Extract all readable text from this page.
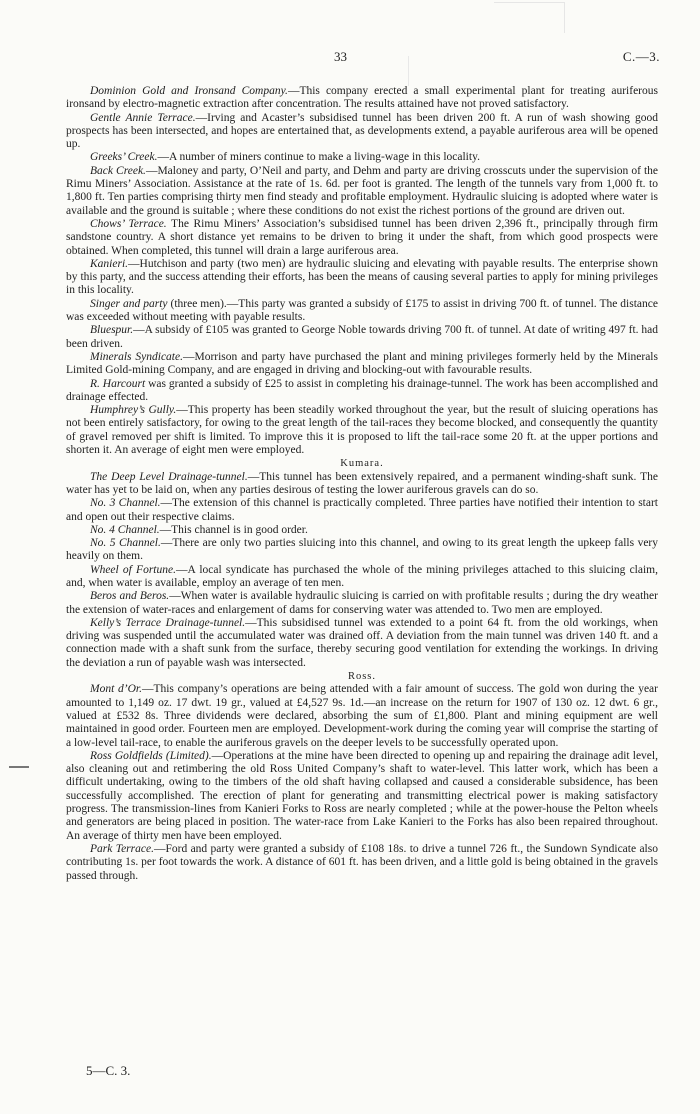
33	C.—3.

Dominion Gold and Ironsand Company.—This company erected a small experimental plant for treating auriferous ironsand by electro-magnetic extraction after concentration. The results attained have not proved satisfactory.

Gentle Annie Terrace.—Irving and Acaster’s subsidised tunnel has been driven 200 ft. A run of wash showing good prospects has been intersected, and hopes are entertained that, as developments extend, a payable auriferous area will be opened up.

Greeks’ Creek.—A number of miners continue to make a living-wage in this locality.

Back Creek.—Maloney and party, O’Neil and party, and Dehm and party are driving crosscuts under the supervision of the Rimu Miners’ Association. Assistance at the rate of 1s. 6d. per foot is granted. The length of the tunnels vary from 1,000 ft. to 1,800 ft. Ten parties comprising thirty men find steady and profitable employment. Hydraulic sluicing is adopted where water is available and the ground is suitable ; where these conditions do not exist the richest portions of the ground are driven out.

Chows’ Terrace. The Rimu Miners’ Association’s subsidised tunnel has been driven 2,396 ft., principally through firm sandstone country. A short distance yet remains to be driven to bring it under the shaft, from which good prospects were obtained. When completed, this tunnel will drain a large auriferous area.

Kanieri.—Hutchison and party (two men) are hydraulic sluicing and elevating with payable results. The enterprise shown by this party, and the success attending their efforts, has been the means of causing several parties to apply for mining privileges in this locality.

Singer and party (three men).—This party was granted a subsidy of £175 to assist in driving 700 ft. of tunnel. The distance was exceeded without meeting with payable results.

Bluespur.—A subsidy of £105 was granted to George Noble towards driving 700 ft. of tunnel. At date of writing 497 ft. had been driven.

Minerals Syndicate.—Morrison and party have purchased the plant and mining privileges formerly held by the Minerals Limited Gold-mining Company, and are engaged in driving and blocking-out with favourable results.

R. Harcourt was granted a subsidy of £25 to assist in completing his drainage-tunnel. The work has been accomplished and drainage effected.

Humphrey’s Gully.—This property has been steadily worked throughout the year, but the result of sluicing operations has not been entirely satisfactory, for owing to the great length of the tail-races they become blocked, and consequently the quantity of gravel removed per shift is limited. To improve this it is proposed to lift the tail-race some 20 ft. at the upper portions and shorten it. An average of eight men were employed.

Kumara.

The Deep Level Drainage-tunnel.—This tunnel has been extensively repaired, and a permanent winding-shaft sunk. The water has yet to be laid on, when any parties desirous of testing the lower auriferous gravels can do so.

No. 3 Channel.—The extension of this channel is practically completed. Three parties have notified their intention to start and open out their respective claims.

No. 4 Channel.—This channel is in good order.

No. 5 Channel.—There are only two parties sluicing into this channel, and owing to its great length the upkeep falls very heavily on them.

Wheel of Fortune.—A local syndicate has purchased the whole of the mining privileges attached to this sluicing claim, and, when water is available, employ an average of ten men.

Beros and Beros.—When water is available hydraulic sluicing is carried on with profitable results ; during the dry weather the extension of water-races and enlargement of dams for conserving water was attended to. Two men are employed.

Kelly’s Terrace Drainage-tunnel.—This subsidised tunnel was extended to a point 64 ft. from the old workings, when driving was suspended until the accumulated water was drained off. A deviation from the main tunnel was driven 140 ft. and a connection made with a shaft sunk from the surface, thereby securing good ventilation for extending the workings. In driving the deviation a run of payable wash was intersected.

Ross.

Mont d’Or.—This company’s operations are being attended with a fair amount of success. The gold won during the year amounted to 1,149 oz. 17 dwt. 19 gr., valued at £4,527 9s. 1d.—an increase on the return for 1907 of 130 oz. 12 dwt. 6 gr., valued at £532 8s. Three dividends were declared, absorbing the sum of £1,800. Plant and mining equipment are well maintained in good order. Fourteen men are employed. Development-work during the coming year will comprise the starting of a low-level tail-race, to enable the auriferous gravels on the deeper levels to be successfully operated upon.

Ross Goldfields (Limited).—Operations at the mine have been directed to opening up and repairing the drainage adit level, also cleaning out and retimbering the old Ross United Company’s shaft to water-level. This latter work, which has been a difficult undertaking, owing to the timbers of the old shaft having collapsed and caused a considerable subsidence, has been successfully accomplished. The erection of plant for generating and transmitting electrical power is making satisfactory progress. The transmission-lines from Kanieri Forks to Ross are nearly completed ; while at the power-house the Pelton wheels and generators are being placed in position. The water-race from Lake Kanieri to the Forks has also been repaired throughout. An average of thirty men have been employed.

Park Terrace.—Ford and party were granted a subsidy of £108 18s. to drive a tunnel 726 ft., the Sundown Syndicate also contributing 1s. per foot towards the work. A distance of 601 ft. has been driven, and a little gold is being obtained in the gravels passed through.

5—C. 3.
